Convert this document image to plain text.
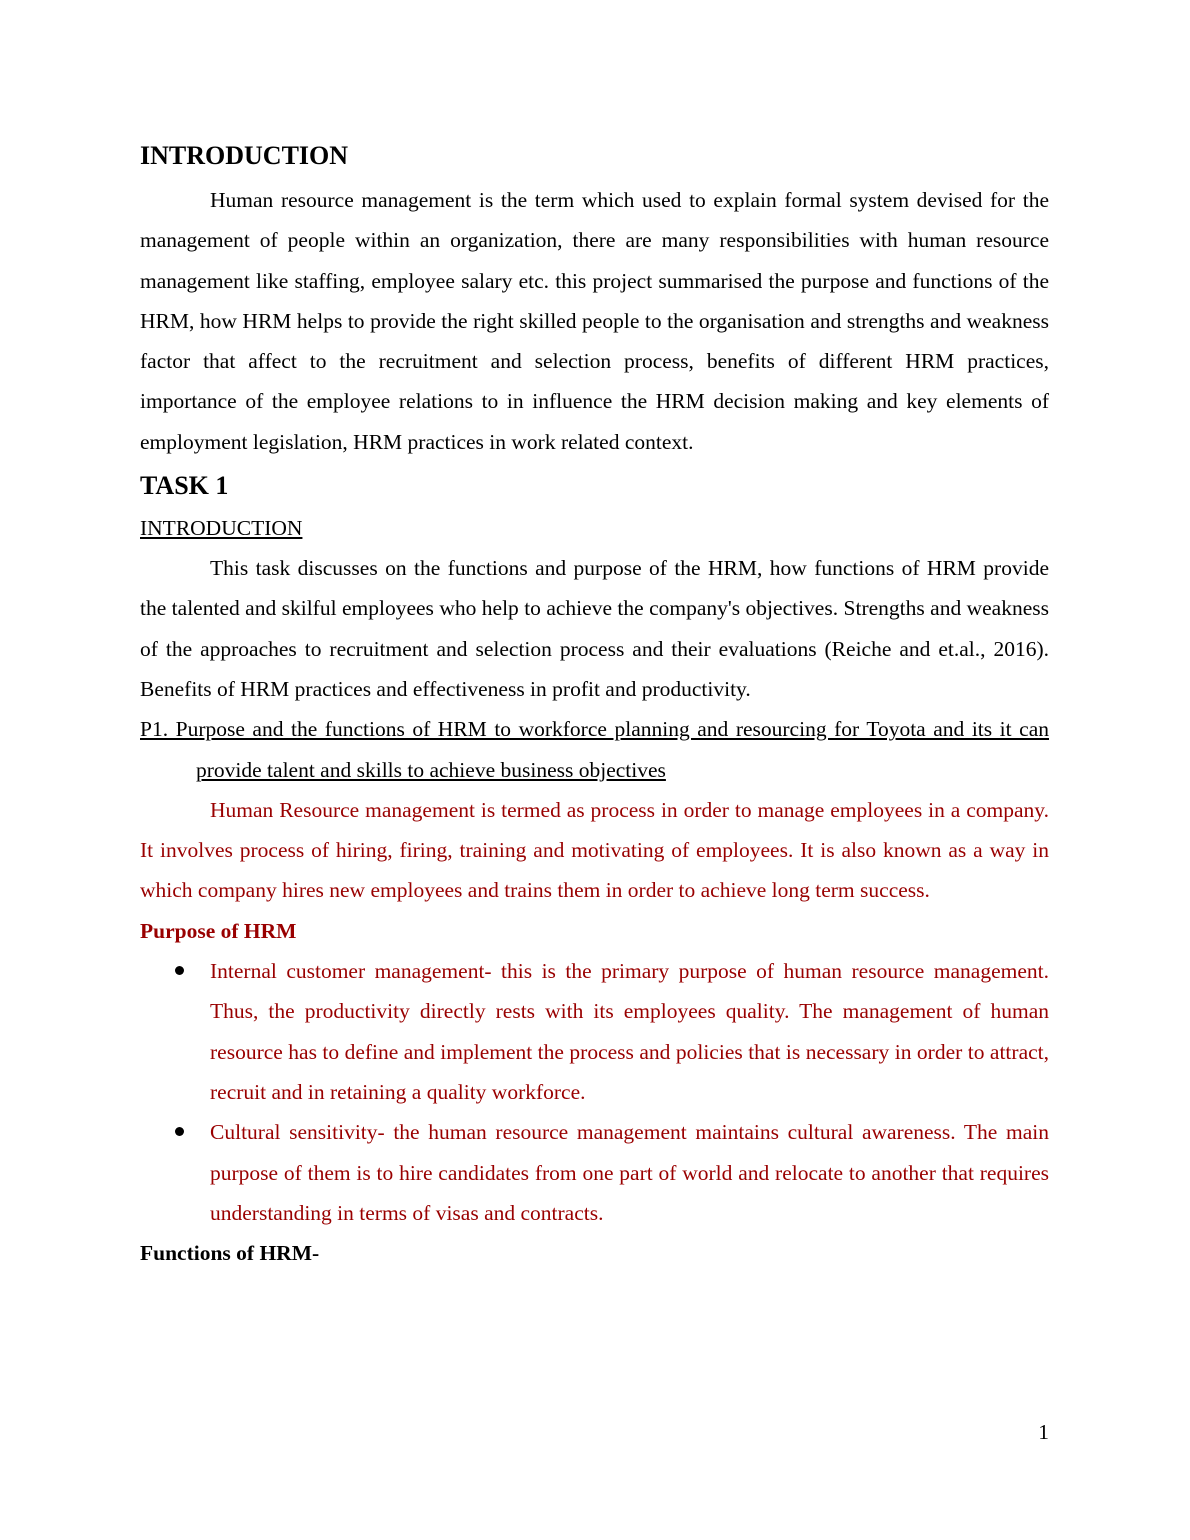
INTRODUCTION

Human resource management is the term which used to explain formal system devised for the management of people within an organization, there are many responsibilities with human resource management like staffing, employee salary etc. this project summarised the purpose and functions of the HRM, how HRM helps to provide the right skilled people to the organisation and strengths and weakness factor that affect to the recruitment and selection process, benefits of different HRM practices, importance of the employee relations to in influence the HRM decision making and key elements of employment legislation, HRM practices in work related context.

TASK 1

INTRODUCTION

This task discusses on the functions and purpose of the HRM, how functions of HRM provide the talented and skilful employees who help to achieve the company's objectives. Strengths and weakness of the approaches to recruitment and selection process and their evaluations (Reiche and et.al., 2016). Benefits of HRM practices and effectiveness in profit and productivity.

P1. Purpose and the functions of HRM to workforce planning and resourcing for Toyota and its it can provide talent and skills to achieve business objectives

Human Resource management is termed as process in order to manage employees in a company. It involves process of hiring, firing, training and motivating of employees. It is also known as a way in which company hires new employees and trains them in order to achieve long term success.

Purpose of HRM

Internal customer management- this is the primary purpose of human resource management. Thus, the productivity directly rests with its employees quality. The management of human resource has to define and implement the process and policies that is necessary in order to attract, recruit and in retaining a quality workforce.
Cultural sensitivity- the human resource management maintains cultural awareness. The main purpose of them is to hire candidates from one part of world and relocate to another that requires understanding in terms of visas and contracts.

Functions of HRM-

1
